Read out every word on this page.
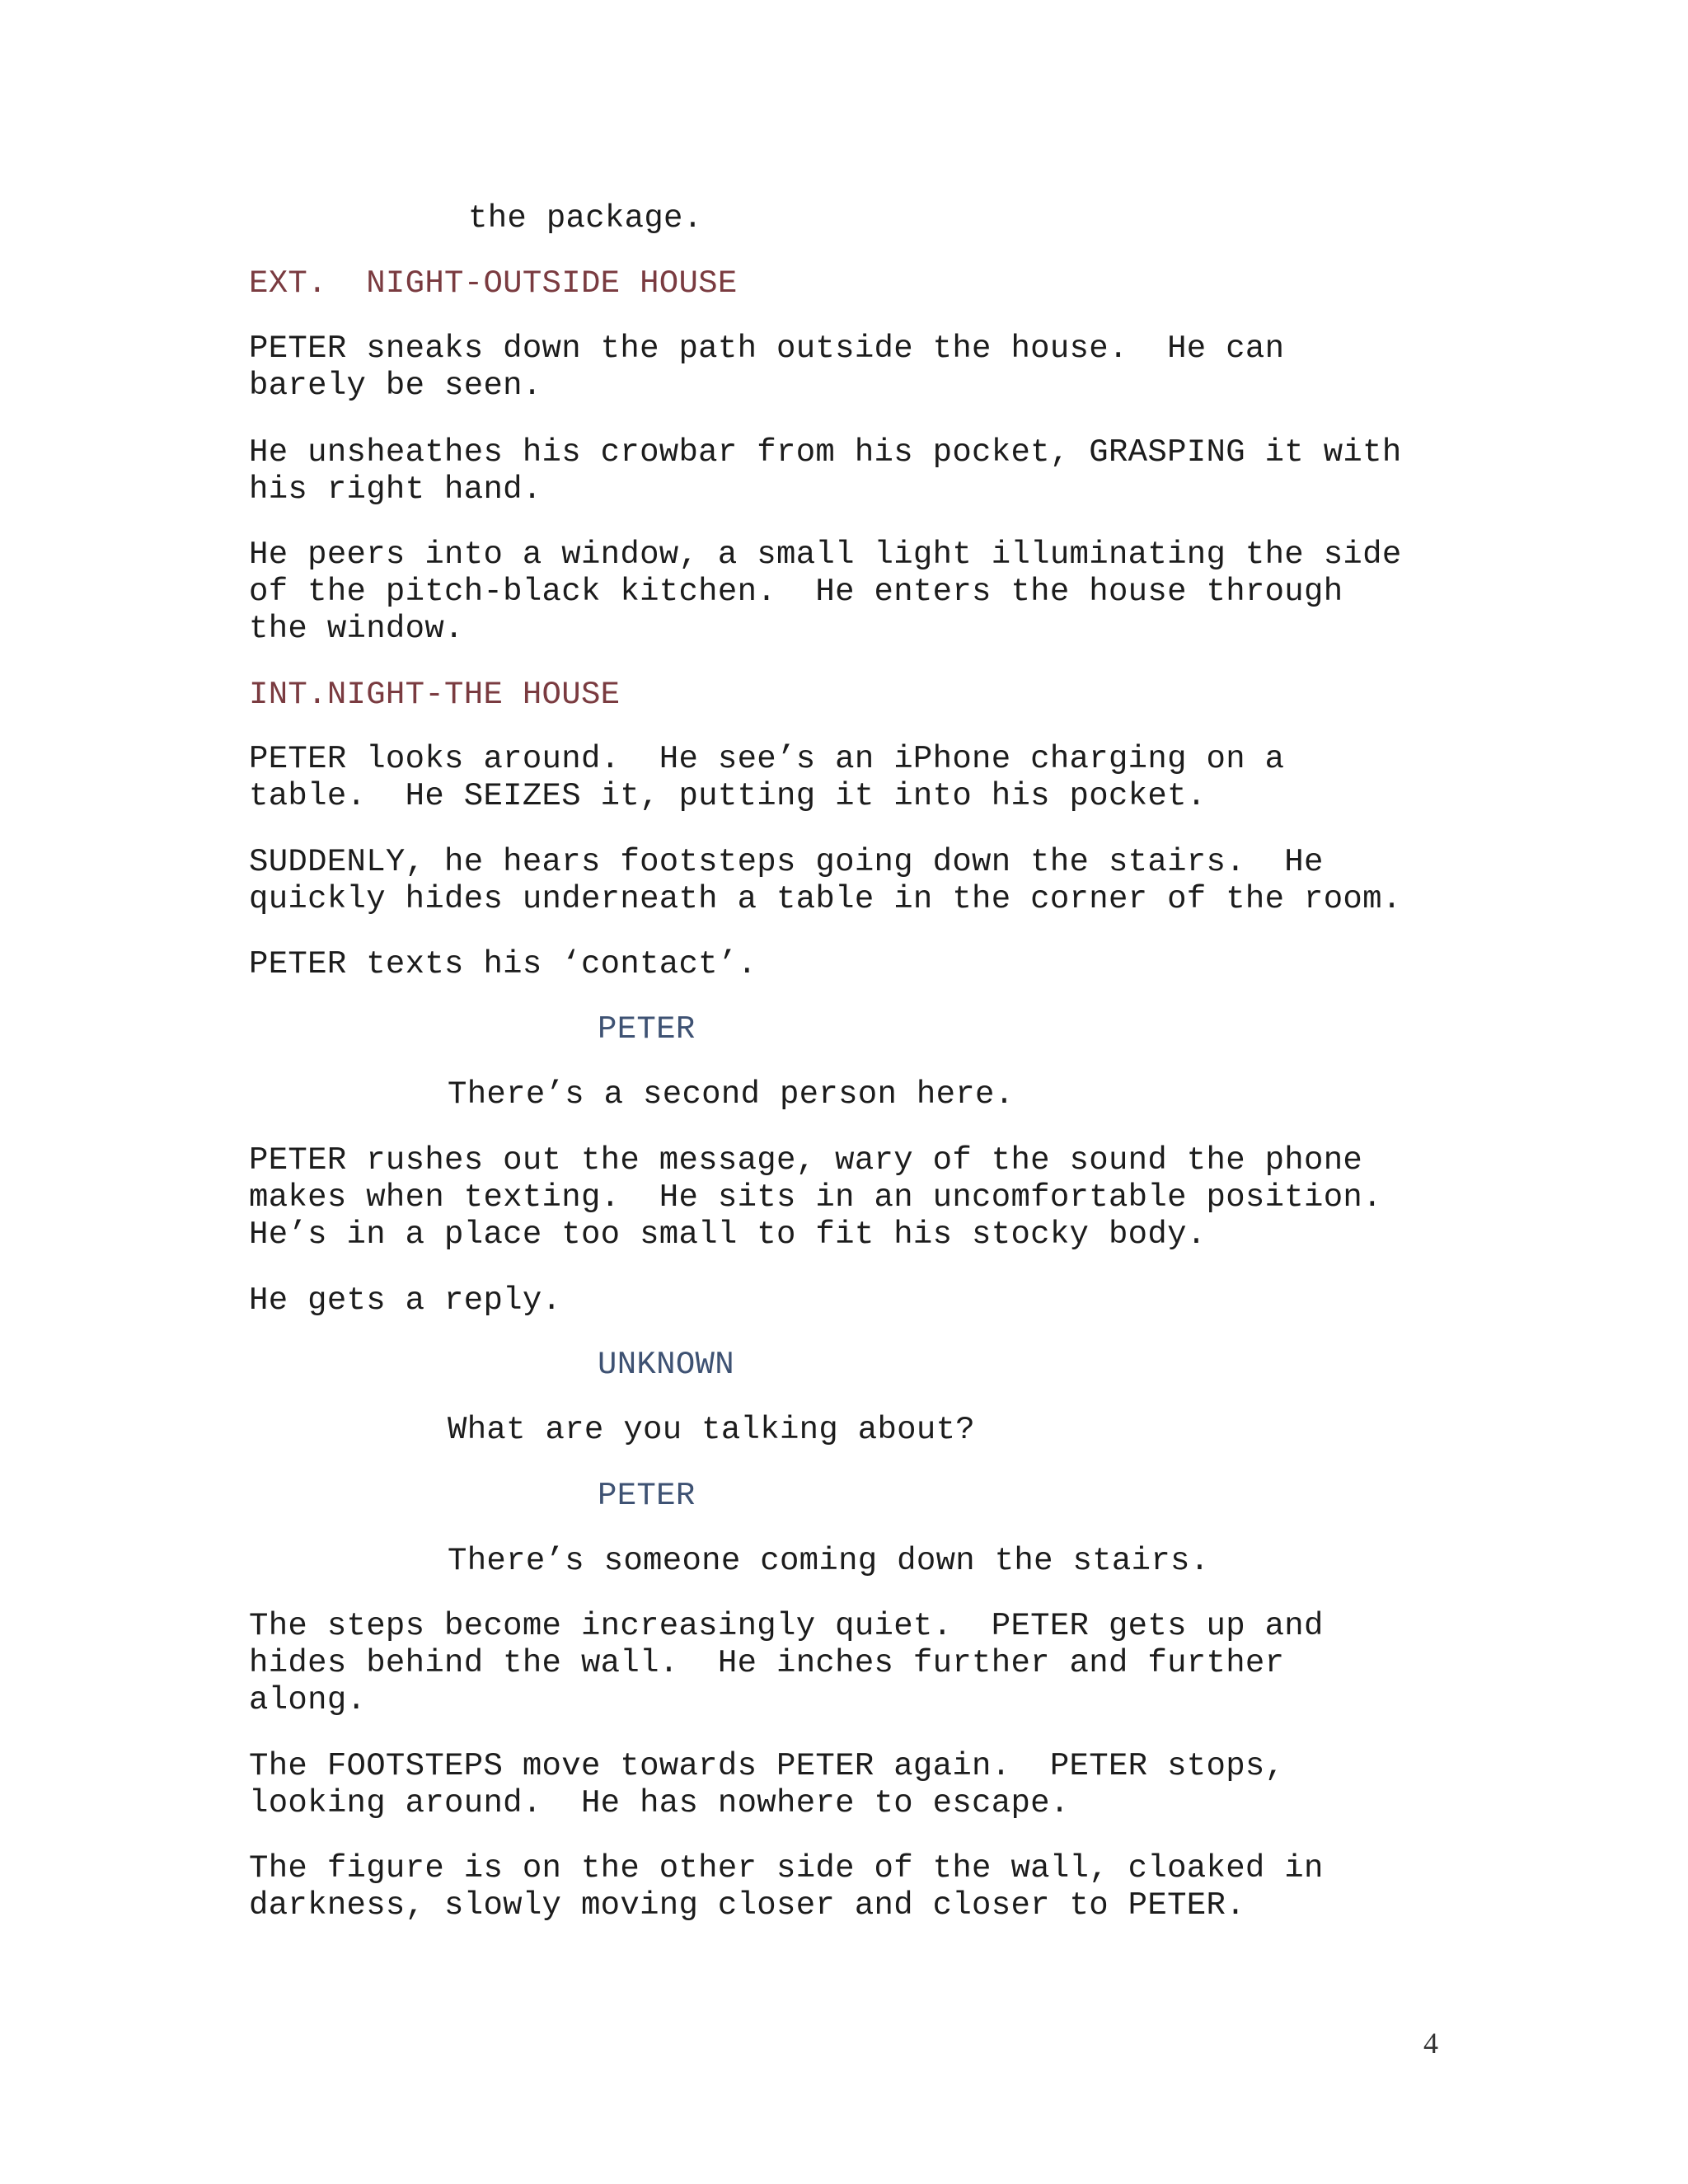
the package.
EXT.  NIGHT-OUTSIDE HOUSE
PETER sneaks down the path outside the house.  He can
barely be seen.
He unsheathes his crowbar from his pocket, GRASPING it with
his right hand.
He peers into a window, a small light illuminating the side
of the pitch-black kitchen.  He enters the house through
the window.
INT.NIGHT-THE HOUSE
PETER looks around.  He see’s an iPhone charging on a
table.  He SEIZES it, putting it into his pocket.
SUDDENLY, he hears footsteps going down the stairs.  He
quickly hides underneath a table in the corner of the room.
PETER texts his ‘contact’.
PETER
There’s a second person here.
PETER rushes out the message, wary of the sound the phone
makes when texting.  He sits in an uncomfortable position.
He’s in a place too small to fit his stocky body.
He gets a reply.
UNKNOWN
What are you talking about?
PETER
There’s someone coming down the stairs.
The steps become increasingly quiet.  PETER gets up and
hides behind the wall.  He inches further and further
along.
The FOOTSTEPS move towards PETER again.  PETER stops,
looking around.  He has nowhere to escape.
The figure is on the other side of the wall, cloaked in
darkness, slowly moving closer and closer to PETER.
4
